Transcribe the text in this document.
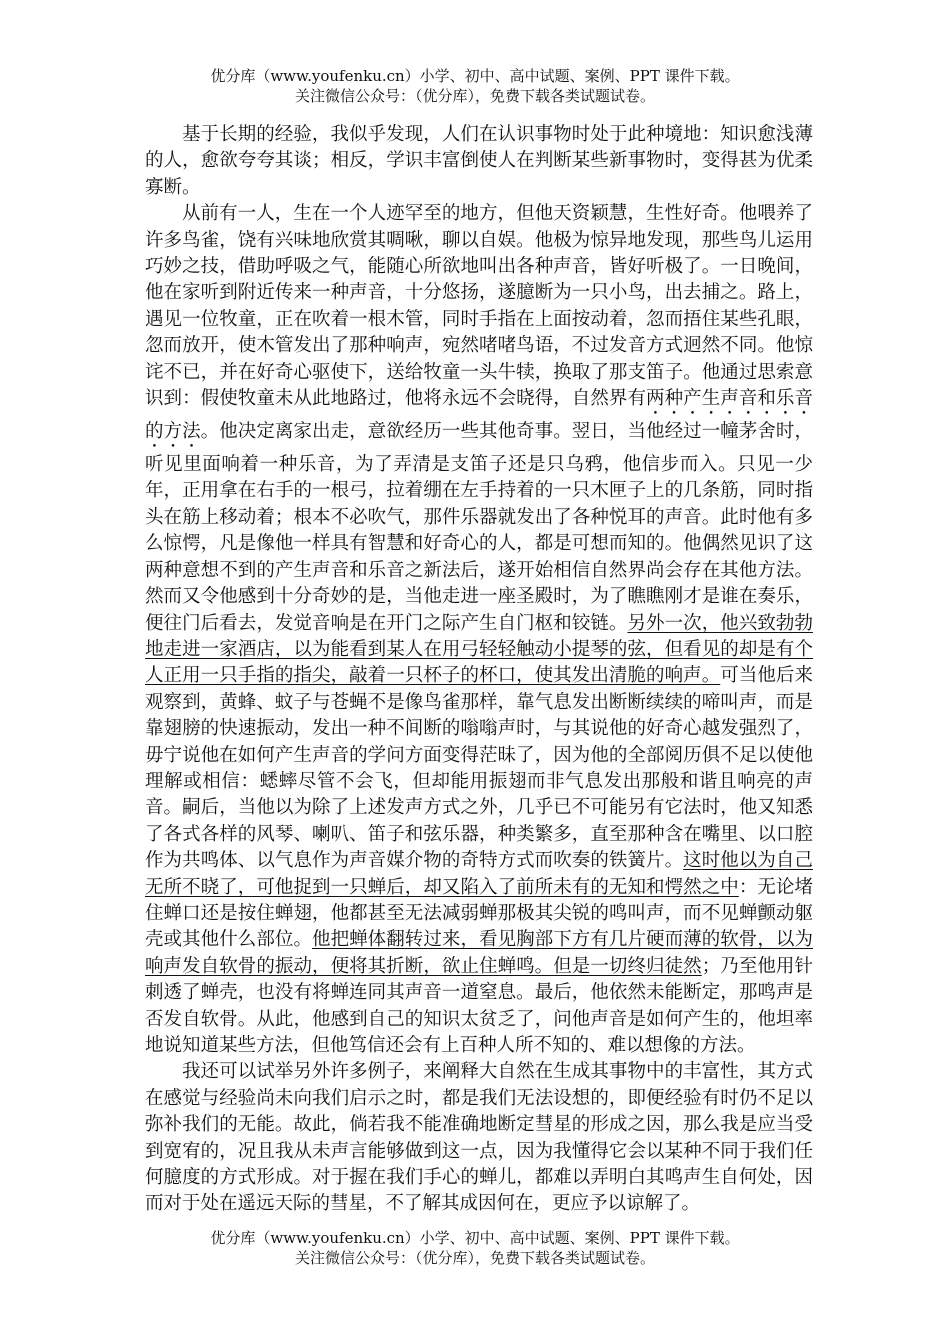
优分库（www.youfenku.cn）小学、初中、高中试题、案例、PPT 课件下载。
关注微信公众号：（优分库），免费下载各类试题试卷。

基于长期的经验，我似乎发现，人们在认识事物时处于此种境地：知识愈浅薄的人，愈欲夸夸其谈；相反，学识丰富倒使人在判断某些新事物时，变得甚为优柔寡断。

从前有一人，生在一个人迹罕至的地方，但他天资颖慧，生性好奇。他喂养了许多鸟雀，饶有兴味地欣赏其啁啾，聊以自娱。他极为惊异地发现，那些鸟儿运用巧妙之技，借助呼吸之气，能随心所欲地叫出各种声音，皆好听极了。一日晚间，他在家听到附近传来一种声音，十分悠扬，遂臆断为一只小鸟，出去捕之。路上，遇见一位牧童，正在吹着一根木管，同时手指在上面按动着，忽而捂住某些孔眼，忽而放开，使木管发出了那种响声，宛然啫啫鸟语，不过发音方式迥然不同。他惊诧不已，并在好奇心驱使下，送给牧童一头牛犊，换取了那支笛子。他通过思索意识到：假使牧童未从此地路过，他将永远不会晓得，自然界有两种产生声音和乐音的方法。他决定离家出走，意欲经历一些其他奇事。翌日，当他经过一幢茅舍时，听见里面响着一种乐音，为了弄清是支笛子还是只乌鸦，他信步而入。只见一少年，正用拿在右手的一根弓，拉着绷在左手持着的一只木匣子上的几条筋，同时指头在筋上移动着；根本不必吹气，那件乐器就发出了各种悦耳的声音。此时他有多么惊愕，凡是像他一样具有智慧和好奇心的人，都是可想而知的。他偶然见识了这两种意想不到的产生声音和乐音之新法后，遂开始相信自然界尚会存在其他方法。然而又令他感到十分奇妙的是，当他走进一座圣殿时，为了瞧瞧刚才是谁在奏乐，便往门后看去，发觉音响是在开门之际产生自门枢和铰链。另外一次，他兴致勃勃地走进一家酒店，以为能看到某人在用弓轻轻触动小提琴的弦，但看见的却是有个人正用一只手指的指尖，敲着一只杯子的杯口，使其发出清脆的响声。可当他后来观察到，黄蜂、蚊子与苍蝇不是像鸟雀那样，靠气息发出断断续续的啼叫声，而是靠翅膀的快速振动，发出一种不间断的嗡嗡声时，与其说他的好奇心越发强烈了，毋宁说他在如何产生声音的学问方面变得茫昧了，因为他的全部阅历俱不足以使他理解或相信：蟋蟀尽管不会飞，但却能用振翅而非气息发出那般和谐且响亮的声音。嗣后，当他以为除了上述发声方式之外，几乎已不可能另有它法时，他又知悉了各式各样的风琴、喇叭、笛子和弦乐器，种类繁多，直至那种含在嘴里、以口腔作为共鸣体、以气息作为声音媒介物的奇特方式而吹奏的铁簧片。这时他以为自己无所不晓了，可他捉到一只蝉后，却又陷入了前所未有的无知和愕然之中：无论堵住蝉口还是按住蝉翅，他都甚至无法减弱蝉那极其尖锐的鸣叫声，而不见蝉颤动躯壳或其他什么部位。他把蝉体翻转过来，看见胸部下方有几片硬而薄的软骨，以为响声发自软骨的振动，便将其折断，欲止住蝉鸣。但是一切终归徒然；乃至他用针刺透了蝉壳，也没有将蝉连同其声音一道窒息。最后，他依然未能断定，那鸣声是否发自软骨。从此，他感到自己的知识太贫乏了，问他声音是如何产生的，他坦率地说知道某些方法，但他笃信还会有上百种人所不知的、难以想像的方法。

我还可以试举另外许多例子，来阐释大自然在生成其事物中的丰富性，其方式在感觉与经验尚未向我们启示之时，都是我们无法设想的，即便经验有时仍不足以弥补我们的无能。故此，倘若我不能准确地断定彗星的形成之因，那么我是应当受到宽宥的，况且我从未声言能够做到这一点，因为我懂得它会以某种不同于我们任何臆度的方式形成。对于握在我们手心的蝉儿，都难以弄明白其鸣声生自何处，因而对于处在遥远天际的彗星，不了解其成因何在，更应予以谅解了。

优分库（www.youfenku.cn）小学、初中、高中试题、案例、PPT 课件下载。
关注微信公众号：（优分库），免费下载各类试题试卷。
